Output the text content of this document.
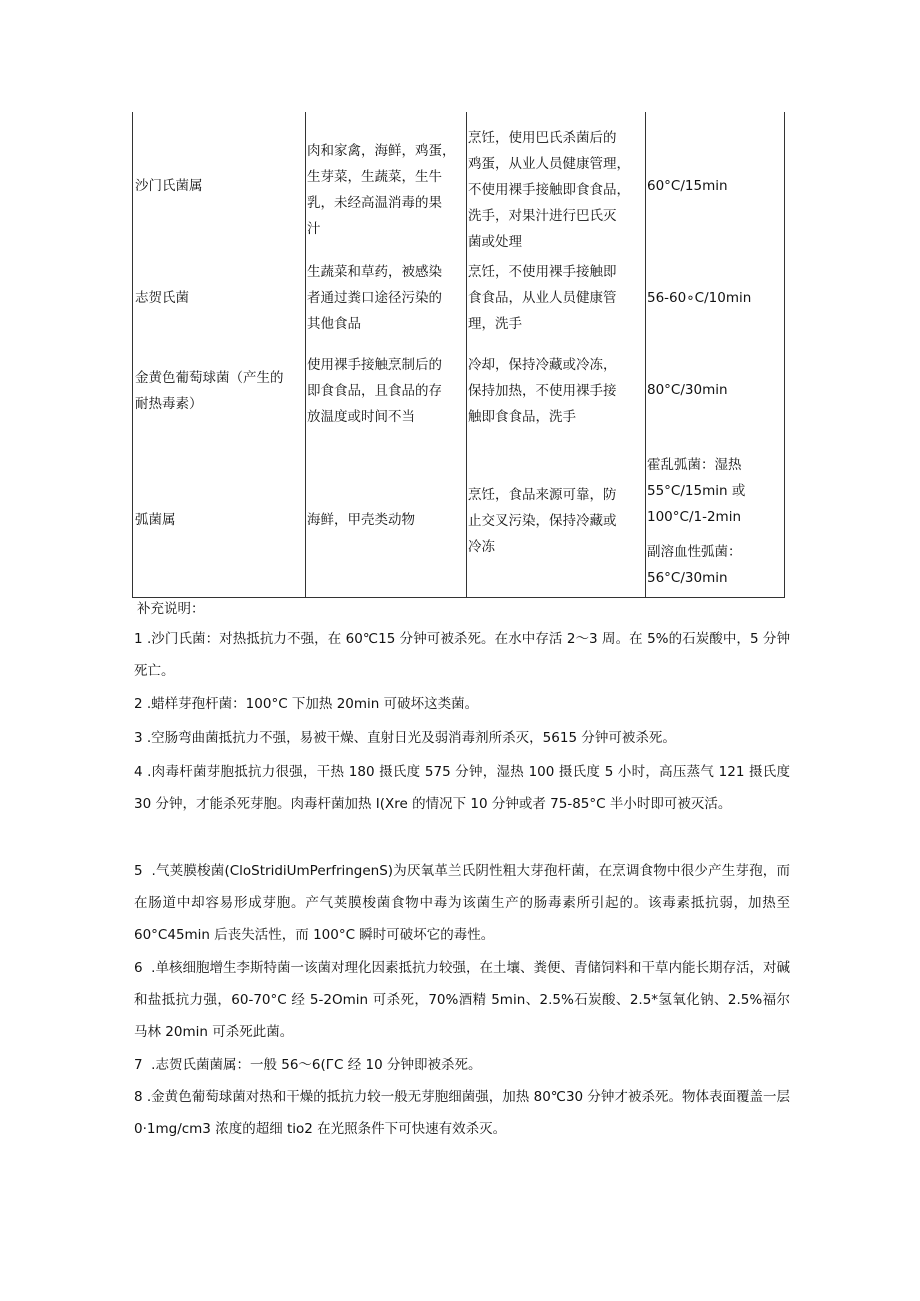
沙门氏菌属
肉和家禽，海鲜，鸡蛋，
生芽菜，生蔬菜，生牛
乳，未经高温消毒的果
汁
烹饪，使用巴氏杀菌后的
鸡蛋，从业人员健康管理，
不使用裸手接触即食食品，
洗手，对果汁进行巴氏灭
菌或处理
60°C∕15min
志贺氏菌
生蔬菜和草药，被感染
者通过粪口途径污染的
其他食品
烹饪，不使用裸手接触即
食食品，从业人员健康管
理，洗手
56-60∘C∕10min
金黄色葡萄球菌（产生的
耐热毒素）
使用裸手接触烹制后的
即食食品，且食品的存
放温度或时间不当
冷却，保持冷藏或冷冻，
保持加热，不使用裸手接
触即食食品，洗手
80°C∕30min
弧菌属	海鲜，甲壳类动物
烹饪，食品来源可靠，防
止交叉污染，保持冷藏或
冷冻
霍乱弧菌：湿热
55°C∕15min 或
100°C∕1-2min
副溶血性弧菌：
56°C∕30min
补充说明：
1 .沙门氏菌：对热抵抗力不强，在 60℃15 分钟可被杀死。在水中存活 2～3 周。在 5%的石炭酸中，5 分钟死亡。
2 .蜡样芽孢杆菌：100°C 下加热 20min 可破坏这类菌。
3 .空肠弯曲菌抵抗力不强，易被干燥、直射日光及弱消毒剂所杀灭，5615 分钟可被杀死。
4 .肉毒杆菌芽胞抵抗力很强，干热 180 摄氏度 575 分钟，湿热 100 摄氏度 5 小时，高压蒸气 121 摄氏度 30 分钟，才能杀死芽胞。肉毒杆菌加热 I(Xre 的情况下 10 分钟或者 75-85°C 半小时即可被灭活。
5  .气荚膜梭菌(CloStridiUmPerfringenS)为厌氧革兰氏阴性粗大芽孢杆菌，在烹调食物中很少产生芽孢，而在肠道中却容易形成芽胞。产气荚膜梭菌食物中毒为该菌生产的肠毒素所引起的。该毒素抵抗弱，加热至 60°C45min 后丧失活性，而 100°C 瞬时可破坏它的毒性。
6  .单核细胞增生李斯特菌一该菌对理化因素抵抗力较强，在土壤、粪便、青储饲料和干草内能长期存活，对碱和盐抵抗力强，60-70°C 经 5-2Omin 可杀死，70%酒精 5min、2.5%石炭酸、2.5*氢氧化钠、2.5%福尔马林 20min 可杀死此菌。
7  .志贺氏菌菌属：一般 56～6(ГC 经 10 分钟即被杀死。
8 .金黄色葡萄球菌对热和干燥的抵抗力较一般无芽胞细菌强，加热 80℃30 分钟才被杀死。物体表面覆盖一层 0·1mg∕cm3 浓度的超细 tio2 在光照条件下可快速有效杀灭。
